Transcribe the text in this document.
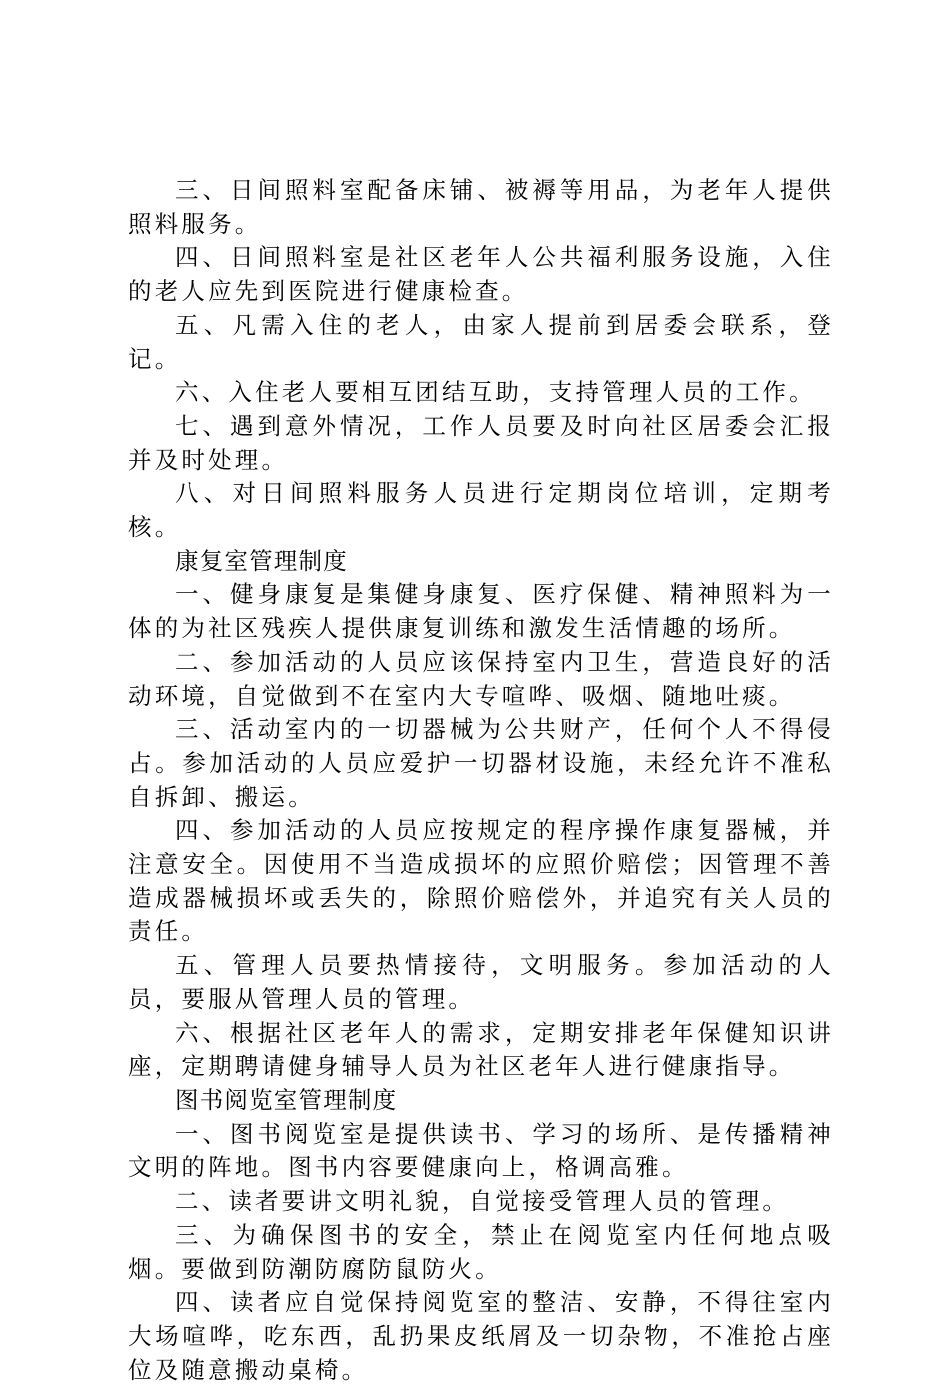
三、日间照料室配备床铺、被褥等用品，为老年人提供照料服务。

四、日间照料室是社区老年人公共福利服务设施，入住的老人应先到医院进行健康检查。

五、凡需入住的老人，由家人提前到居委会联系，登记。

六、入住老人要相互团结互助，支持管理人员的工作。

七、遇到意外情况，工作人员要及时向社区居委会汇报并及时处理。

八、对日间照料服务人员进行定期岗位培训，定期考核。

康复室管理制度

一、健身康复是集健身康复、医疗保健、精神照料为一体的为社区残疾人提供康复训练和激发生活情趣的场所。

二、参加活动的人员应该保持室内卫生，营造良好的活动环境，自觉做到不在室内大专喧哗、吸烟、随地吐痰。

三、活动室内的一切器械为公共财产，任何个人不得侵占。参加活动的人员应爱护一切器材设施，未经允许不准私自拆卸、搬运。

四、参加活动的人员应按规定的程序操作康复器械，并注意安全。因使用不当造成损坏的应照价赔偿；因管理不善造成器械损坏或丢失的，除照价赔偿外，并追究有关人员的责任。

五、管理人员要热情接待，文明服务。参加活动的人员，要服从管理人员的管理。

六、根据社区老年人的需求，定期安排老年保健知识讲座，定期聘请健身辅导人员为社区老年人进行健康指导。

图书阅览室管理制度

一、图书阅览室是提供读书、学习的场所、是传播精神文明的阵地。图书内容要健康向上，格调高雅。

二、读者要讲文明礼貌，自觉接受管理人员的管理。

三、为确保图书的安全，禁止在阅览室内任何地点吸烟。要做到防潮防腐防鼠防火。

四、读者应自觉保持阅览室的整洁、安静，不得往室内大场喧哗，吃东西，乱扔果皮纸屑及一切杂物，不准抢占座位及随意搬动桌椅。
